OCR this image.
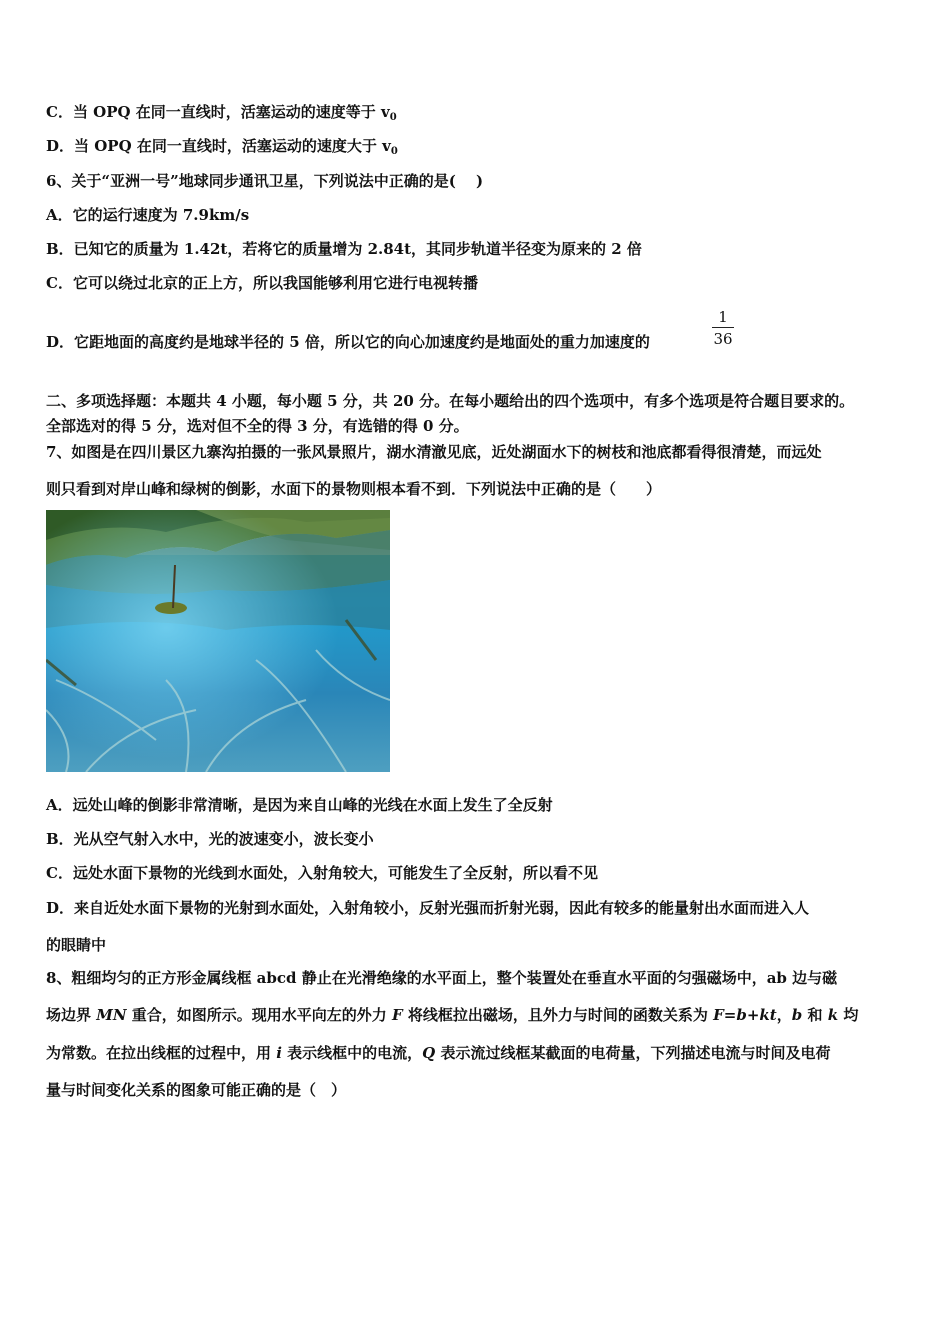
C．当 OPQ 在同一直线时，活塞运动的速度等于 $v_0$
D．当 OPQ 在同一直线时，活塞运动的速度大于 $v_0$
6、关于“亚洲一号”地球同步通讯卫星，下列说法中正确的是(　 )
A．它的运行速度为 7.9km/s
B．已知它的质量为 1.42t，若将它的质量增为 2.84t，其同步轨道半径变为原来的 2 倍
C．它可以绕过北京的正上方，所以我国能够利用它进行电视转播
D．它距地面的高度约是地球半径的 5 倍，所以它的向心加速度约是地面处的重力加速度的
1
36
二、多项选择题：本题共 4 小题，每小题 5 分，共 20 分。在每小题给出的四个选项中，有多个选项是符合题目要求的。
全部选对的得 5 分，选对但不全的得 3 分，有选错的得 0 分。
7、如图是在四川景区九寨沟拍摄的一张风景照片，湖水清澈见底，近处湖面水下的树枝和池底都看得很清楚，而远处
则只看到对岸山峰和绿树的倒影，水面下的景物则根本看不到．下列说法中正确的是（　　）
A．远处山峰的倒影非常清晰，是因为来自山峰的光线在水面上发生了全反射
B．光从空气射入水中，光的波速变小，波长变小
C．远处水面下景物的光线到水面处，入射角较大，可能发生了全反射，所以看不见
D．来自近处水面下景物的光射到水面处，入射角较小，反射光强而折射光弱，因此有较多的能量射出水面而进入人
的眼睛中
8、粗细均匀的正方形金属线框 abcd 静止在光滑绝缘的水平面上，整个装置处在垂直水平面的匀强磁场中，ab 边与磁
场边界 MN 重合，如图所示。现用水平向左的外力 F 将线框拉出磁场，且外力与时间的函数关系为 F=b+kt，b 和 k 均
为常数。在拉出线框的过程中，用 i 表示线框中的电流，Q 表示流过线框某截面的电荷量，下列描述电流与时间及电荷
量与时间变化关系的图象可能正确的是（　）
